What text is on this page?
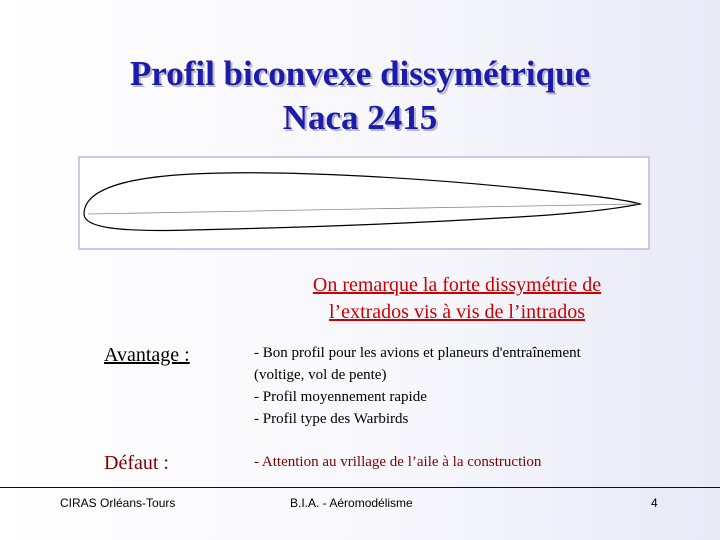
Profil biconvexe dissymétrique
Naca 2415
On remarque la forte dissymétrie de
l’extrados vis à vis de l’intrados
Avantage :	- Bon profil pour les avions et planeurs d'entraînement
(voltige, vol de pente)
- Profil moyennement rapide
- Profil type des Warbirds
Défaut :	- Attention au vrillage de l’aile à la construction
CIRAS Orléans-Tours	B.I.A. - Aéromodélisme	4
